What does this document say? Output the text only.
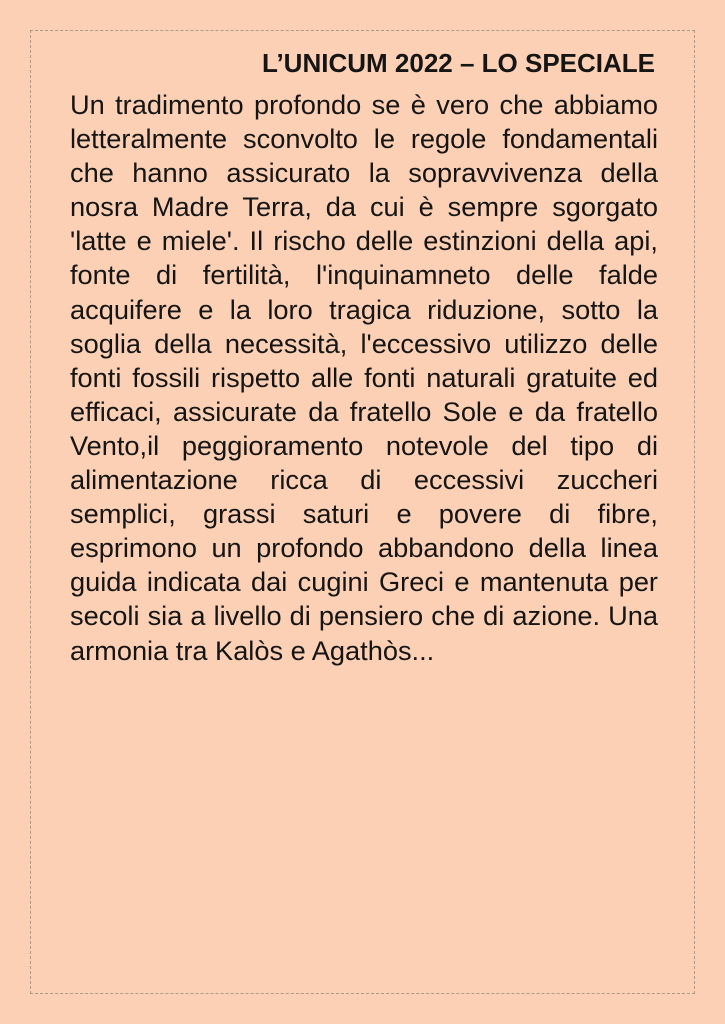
L’UNICUM 2022 – LO SPECIALE

Un tradimento profondo se è vero che abbiamo letteralmente sconvolto le regole fondamentali che hanno assicurato la sopravvivenza della nosra Madre Terra, da cui è sempre sgorgato 'latte e miele'. Il rischo delle estinzioni della api, fonte di fertilità, l'inquinamneto delle falde acquifere e la loro tragica riduzione, sotto la soglia della necessità, l'eccessivo utilizzo delle fonti fossili rispetto alle fonti naturali gratuite ed efficaci, assicurate da fratello Sole e da fratello Vento,il peggioramento notevole del tipo di alimentazione ricca di eccessivi zuccheri semplici, grassi saturi e povere di fibre, esprimono un profondo abbandono della linea guida indicata dai cugini Greci e mantenuta per secoli sia a livello di pensiero che di azione. Una armonia tra Kalòs e Agathòs...
